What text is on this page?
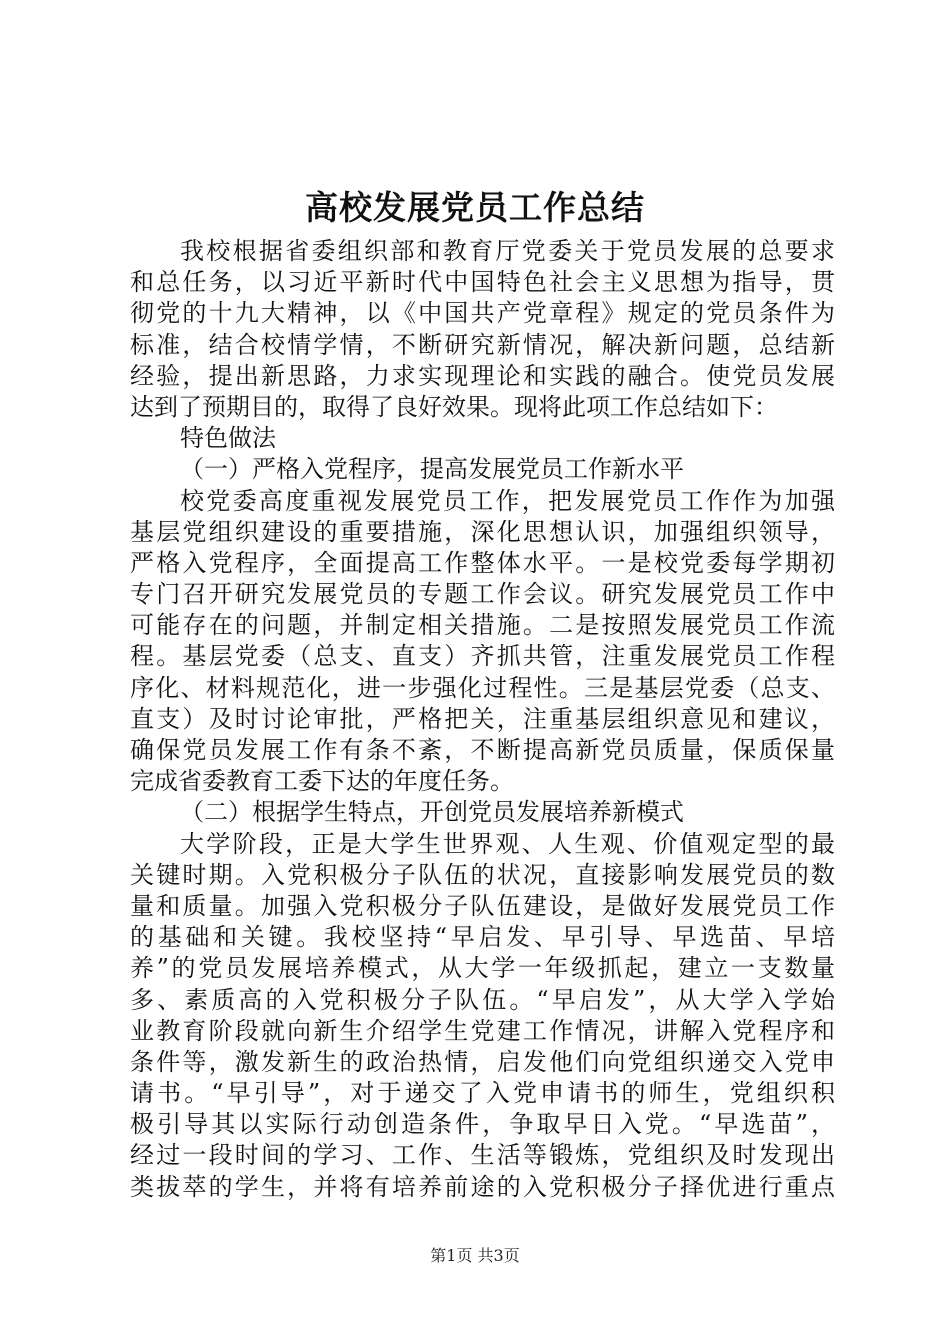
高校发展党员工作总结
我校根据省委组织部和教育厅党委关于党员发展的总要求
和总任务，以习近平新时代中国特色社会主义思想为指导，贯
彻党的十九大精神，以《中国共产党章程》规定的党员条件为
标准，结合校情学情，不断研究新情况，解决新问题，总结新
经验，提出新思路，力求实现理论和实践的融合。使党员发展
达到了预期目的，取得了良好效果。现将此项工作总结如下：
特色做法
（一）严格入党程序，提高发展党员工作新水平
校党委高度重视发展党员工作，把发展党员工作作为加强
基层党组织建设的重要措施，深化思想认识，加强组织领导，
严格入党程序，全面提高工作整体水平。一是校党委每学期初
专门召开研究发展党员的专题工作会议。研究发展党员工作中
可能存在的问题，并制定相关措施。二是按照发展党员工作流
程。基层党委（总支、直支）齐抓共管，注重发展党员工作程
序化、材料规范化，进一步强化过程性。三是基层党委（总支、
直支）及时讨论审批，严格把关，注重基层组织意见和建议，
确保党员发展工作有条不紊，不断提高新党员质量，保质保量
完成省委教育工委下达的年度任务。
（二）根据学生特点，开创党员发展培养新模式
大学阶段，正是大学生世界观、人生观、价值观定型的最
关键时期。入党积极分子队伍的状况，直接影响发展党员的数
量和质量。加强入党积极分子队伍建设，是做好发展党员工作
的基础和关键。我校坚持“早启发、早引导、早选苗、早培
养”的党员发展培养模式，从大学一年级抓起，建立一支数量
多、素质高的入党积极分子队伍。“早启发”，从大学入学始
业教育阶段就向新生介绍学生党建工作情况，讲解入党程序和
条件等，激发新生的政治热情，启发他们向党组织递交入党申
请书。“早引导”，对于递交了入党申请书的师生，党组织积
极引导其以实际行动创造条件，争取早日入党。“早选苗”，
经过一段时间的学习、工作、生活等锻炼，党组织及时发现出
类拔萃的学生，并将有培养前途的入党积极分子择优进行重点
第1页 共3页
